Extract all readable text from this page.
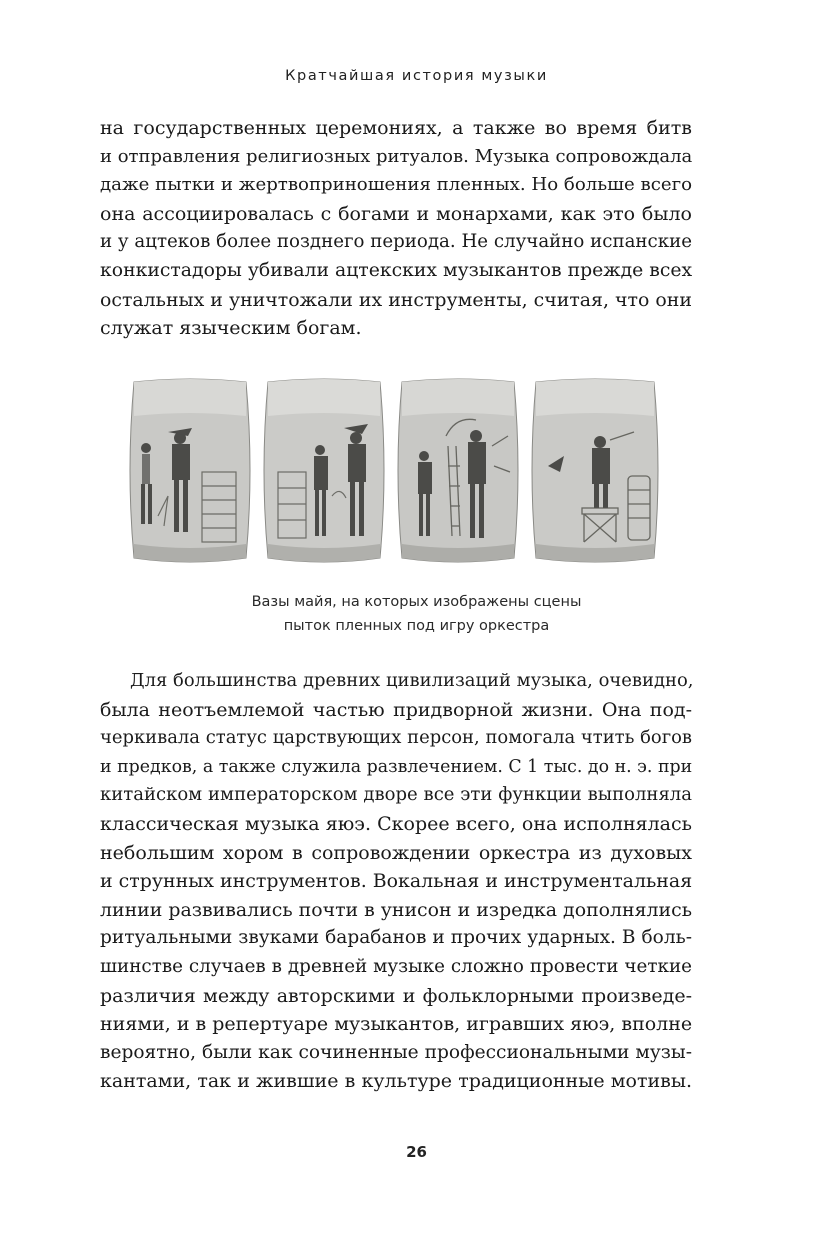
Кратчайшая история музыки
на государственных церемониях, а также во время битв
и отправления религиозных ритуалов. Музыка сопровождала
даже пытки и жертвоприношения пленных. Но больше всего
она ассоциировалась с богами и монархами, как это было
и у ацтеков более позднего периода. Не случайно испанские
конкистадоры убивали ацтекских музыкантов прежде всех
остальных и уничтожали их инструменты, считая, что они
служат языческим богам.
Вазы майя, на которых изображены сцены
пыток пленных под игру оркестра
Для большинства древних цивилизаций музыка, очевидно,
была неотъемлемой частью придворной жизни. Она под-
черкивала статус царствующих персон, помогала чтить богов
и предков, а также служила развлечением. С 1 тыс. до н. э. при
китайском императорском дворе все эти функции выполняла
классическая музыка яюэ. Скорее всего, она исполнялась
небольшим хором в сопровождении оркестра из духовых
и струнных инструментов. Вокальная и инструментальная
линии развивались почти в унисон и изредка дополнялись
ритуальными звуками барабанов и прочих ударных. В боль-
шинстве случаев в древней музыке сложно провести четкие
различия между авторскими и фольклорными произведе-
ниями, и в репертуаре музыкантов, игравших яюэ, вполне
вероятно, были как сочиненные профессиональными музы-
кантами, так и жившие в культуре традиционные мотивы.
26
